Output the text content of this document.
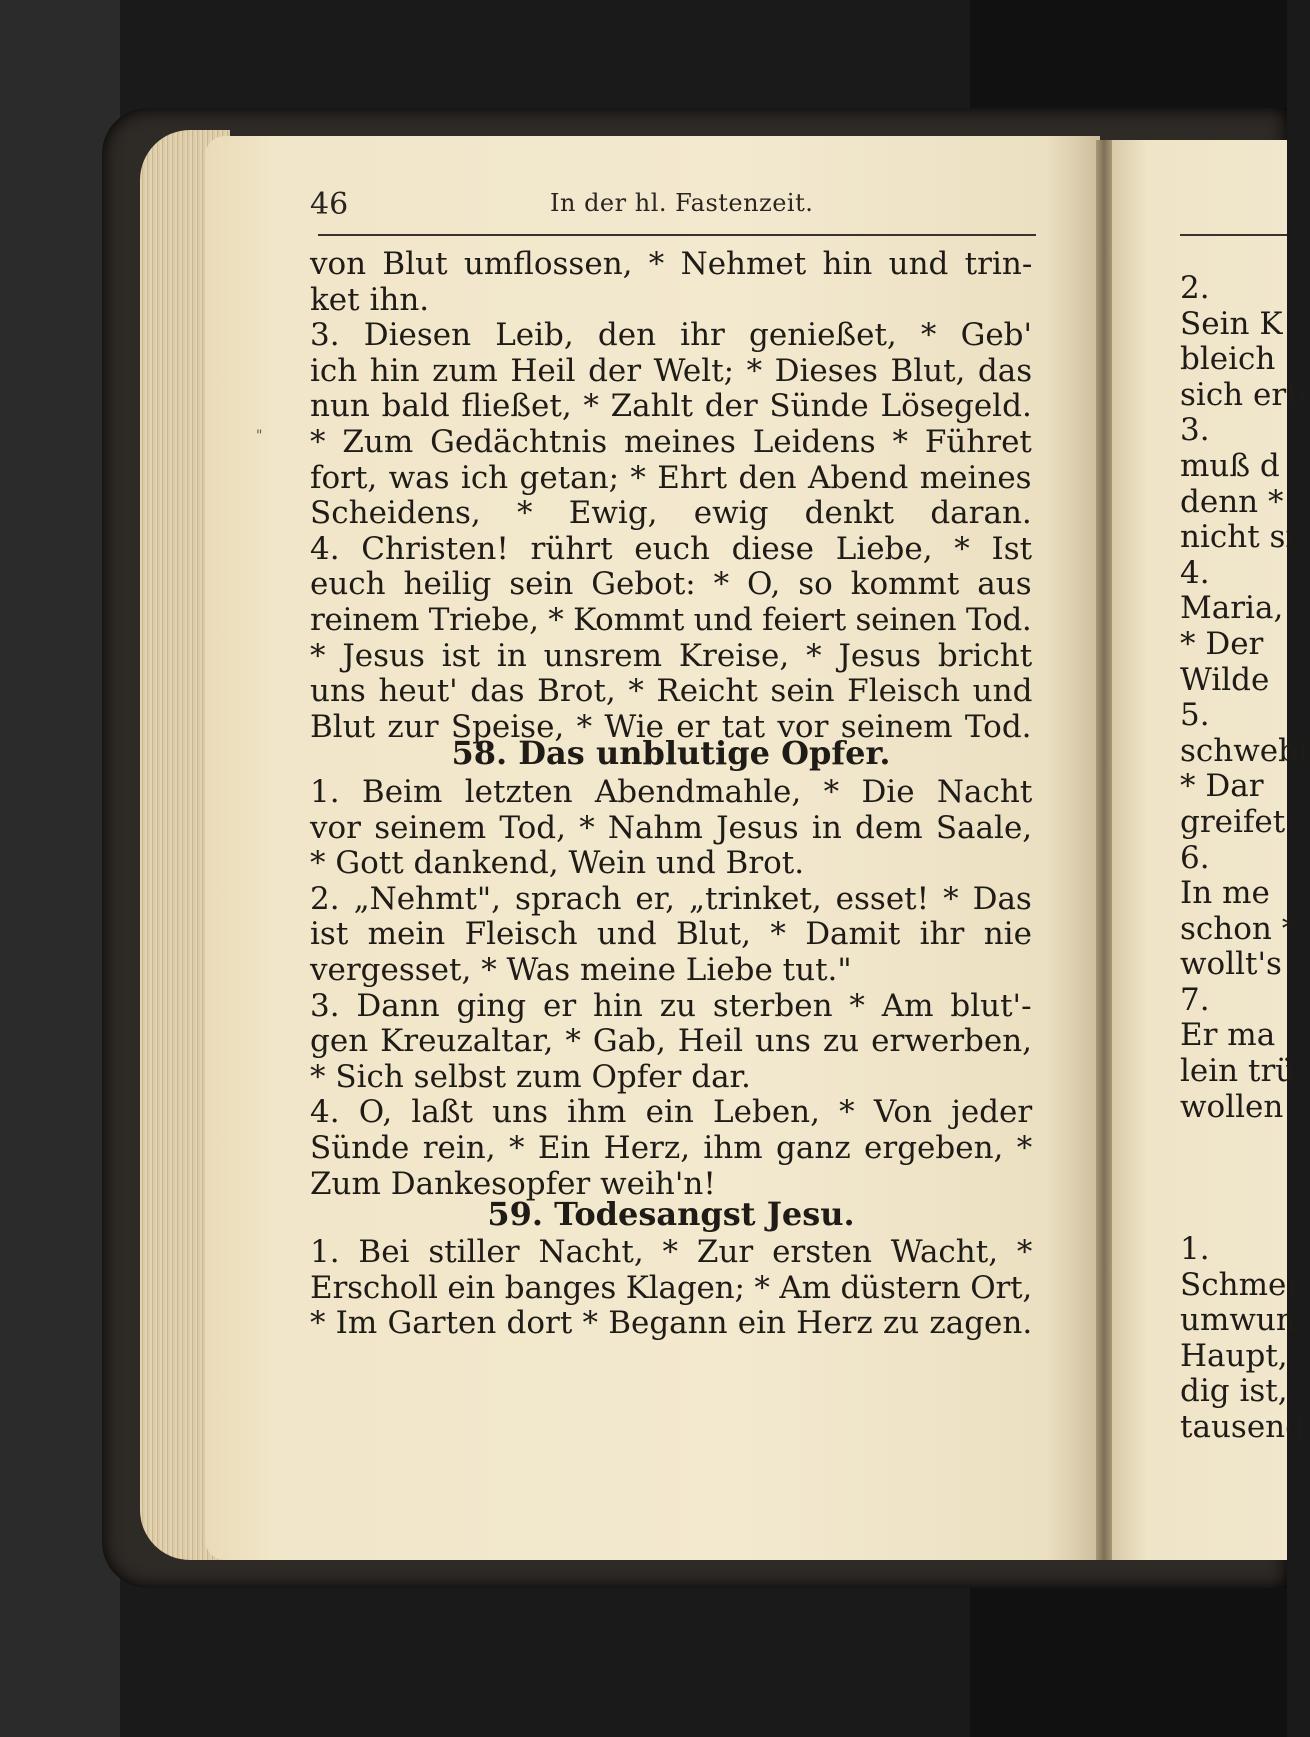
46	In der hl. Fastenzeit.
"
von Blut umflossen, * Nehmet hin und trin-
ket ihn.
3. Diesen Leib, den ihr genießet, * Geb'
ich hin zum Heil der Welt; * Dieses Blut, das
nun bald fließet, * Zahlt der Sünde Lösegeld.
* Zum Gedächtnis meines Leidens * Führet
fort, was ich getan; * Ehrt den Abend meines
Scheidens, * Ewig, ewig denkt daran.
4. Christen! rührt euch diese Liebe, * Ist
euch heilig sein Gebot: * O, so kommt aus
reinem Triebe, * Kommt und feiert seinen Tod.
* Jesus ist in unsrem Kreise, * Jesus bricht
uns heut' das Brot, * Reicht sein Fleisch und
Blut zur Speise, * Wie er tat vor seinem Tod.
58. Das unblutige Opfer.
1. Beim letzten Abendmahle, * Die Nacht
vor seinem Tod, * Nahm Jesus in dem Saale,
* Gott dankend, Wein und Brot.
2. „Nehmt", sprach er, „trinket, esset! * Das
ist mein Fleisch und Blut, * Damit ihr nie
vergesset, * Was meine Liebe tut."
3. Dann ging er hin zu sterben * Am blut'-
gen Kreuzaltar, * Gab, Heil uns zu erwerben,
* Sich selbst zum Opfer dar.
4. O, laßt uns ihm ein Leben, * Von jeder
Sünde rein, * Ein Herz, ihm ganz ergeben, *
Zum Dankesopfer weih'n!
59. Todesangst Jesu.
1. Bei stiller Nacht, * Zur ersten Wacht, *
Erscholl ein banges Klagen; * Am düstern Ort,
* Im Garten dort * Begann ein Herz zu zagen.
2.
Sein K
bleich
sich erb
3.
muß d
denn *
nicht si
4.
Maria,
* Der
Wilde
5.
schwebt
* Dar
greifet
6.
In me
schon *
wollt's
7.
Er ma
lein trü
wollen
1.
Schmer
umwun
Haupt,
dig ist,
tausend
